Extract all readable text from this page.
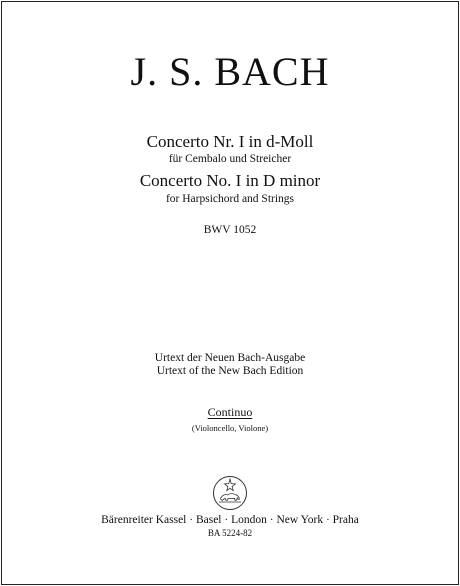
J. S. BACH
Concerto Nr. I in d-Moll
für Cembalo und Streicher
Concerto No. I in D minor
for Harpsichord and Strings
BWV 1052
Urtext der Neuen Bach-Ausgabe
Urtext of the New Bach Edition
Continuo
(Violoncello, Violone)
Bärenreiter Kassel · Basel · London · New York · Praha
BA 5224-82
